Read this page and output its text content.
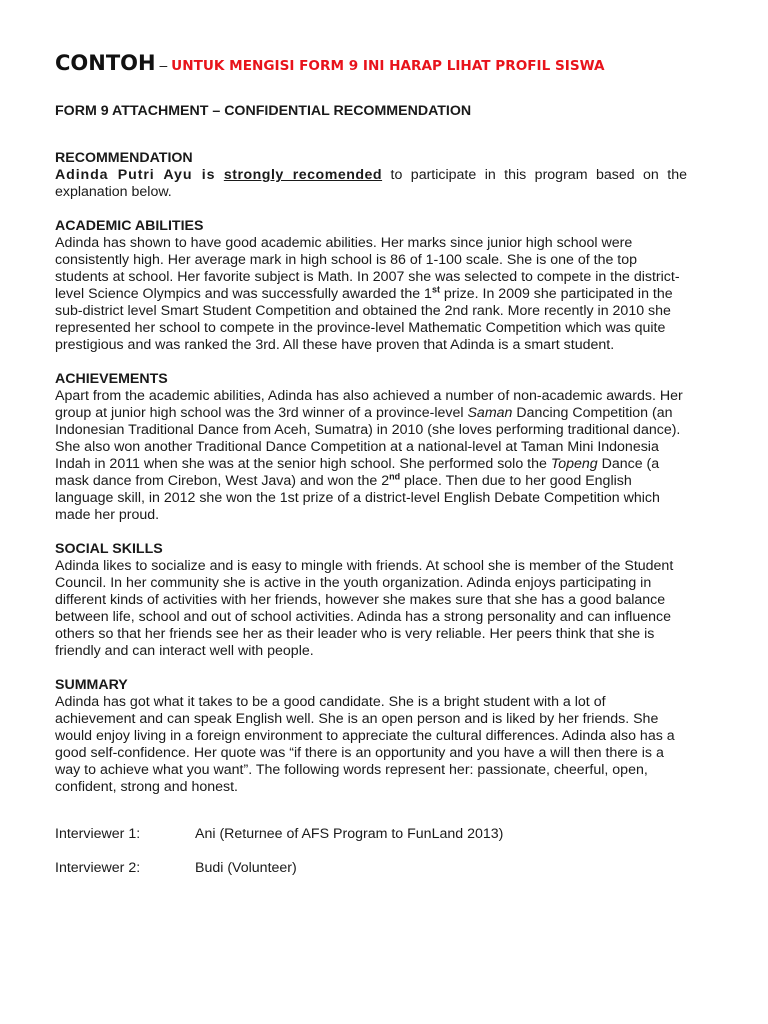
CONTOH – UNTUK MENGISI FORM 9 INI HARAP LIHAT PROFIL SISWA
FORM 9 ATTACHMENT – CONFIDENTIAL RECOMMENDATION
RECOMMENDATION

Adinda Putri Ayu is strongly recomended to participate in this program based on the explanation below.

ACADEMIC ABILITIES

Adinda has shown to have good academic abilities. Her marks since junior high school were consistently high. Her average mark in high school is 86 of 1-100 scale. She is one of the top students at school. Her favorite subject is Math. In 2007 she was selected to compete in the district-level Science Olympics and was successfully awarded the 1st prize. In 2009 she participated in the sub-district level Smart Student Competition and obtained the 2nd rank. More recently in 2010 she represented her school to compete in the province-level Mathematic Competition which was quite prestigious and was ranked the 3rd. All these have proven that Adinda is a smart student.

ACHIEVEMENTS

Apart from the academic abilities, Adinda has also achieved a number of non-academic awards. Her group at junior high school was the 3rd winner of a province-level Saman Dancing Competition (an Indonesian Traditional Dance from Aceh, Sumatra) in 2010 (she loves performing traditional dance). She also won another Traditional Dance Competition at a national-level at Taman Mini Indonesia Indah in 2011 when she was at the senior high school. She performed solo the Topeng Dance (a mask dance from Cirebon, West Java) and won the 2nd place. Then due to her good English language skill, in 2012 she won the 1st prize of a district-level English Debate Competition which made her proud.

SOCIAL SKILLS

Adinda likes to socialize and is easy to mingle with friends. At school she is member of the Student Council. In her community she is active in the youth organization. Adinda enjoys participating in different kinds of activities with her friends, however she makes sure that she has a good balance between life, school and out of school activities. Adinda has a strong personality and can influence others so that her friends see her as their leader who is very reliable. Her peers think that she is friendly and can interact well with people.

SUMMARY

Adinda has got what it takes to be a good candidate. She is a bright student with a lot of achievement and can speak English well. She is an open person and is liked by her friends. She would enjoy living in a foreign environment to appreciate the cultural differences. Adinda also has a good self-confidence. Her quote was “if there is an opportunity and you have a will then there is a way to achieve what you want”. The following words represent her: passionate, cheerful, open, confident, strong and honest.

Interviewer 1:	Ani (Returnee of AFS Program to FunLand 2013)
Interviewer 2:	Budi (Volunteer)
